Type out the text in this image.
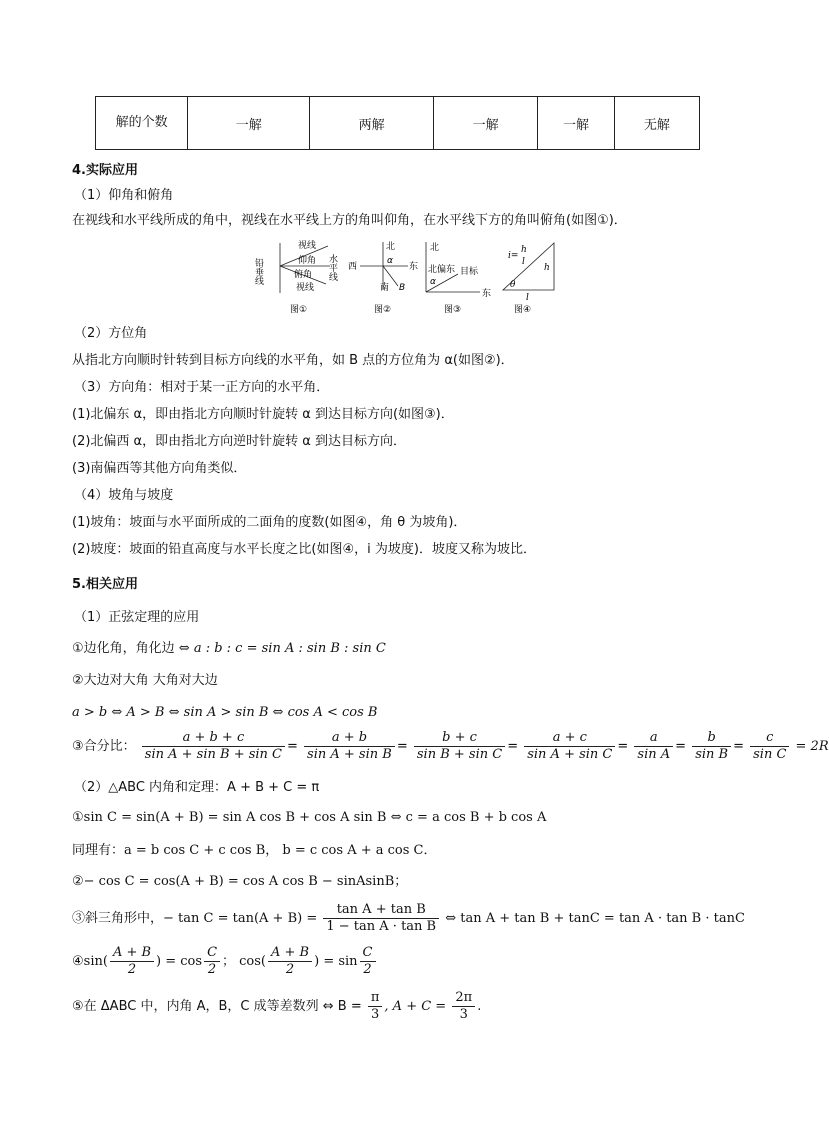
解的个数	一解	两解	一解	一解	无解
4.实际应用
（1）仰角和俯角
在视线和水平线所成的角中，视线在水平线上方的角叫仰角，在水平线下方的角叫俯角(如图①)．
铅垂线
视线
仰角
俯角
视线
水平线
图①
北
西	东
α
南 B
图②
北
北偏东 目标
α
东
图③
i=
h
l
h
l
θ
图④
（2）方位角
从指北方向顺时针转到目标方向线的水平角，如 B 点的方位角为 α(如图②)．
（3）方向角：相对于某一正方向的水平角．
(1)北偏东 α，即由指北方向顺时针旋转 α 到达目标方向(如图③)．
(2)北偏西 α，即由指北方向逆时针旋转 α 到达目标方向．
(3)南偏西等其他方向角类似．
（4）坡角与坡度
(1)坡角：坡面与水平面所成的二面角的度数(如图④，角 θ 为坡角)．
(2)坡度：坡面的铅直高度与水平长度之比(如图④，i 为坡度)．坡度又称为坡比．
5.相关应用
（1）正弦定理的应用
①边化角，角化边 ⇔ a : b : c = sin A : sin B : sin C
②大边对大角 大角对大边
a > b ⇔ A > B ⇔ sin A > sin B ⇔ cos A < cos B
③合分比： $\frac{a + b + c}{\text{sin A + sin B + sin C}} = \frac{a + b}{\text{sin A + sin B}} = \frac{b + c}{\text{sin B + sin C}} = \frac{a + c}{\text{sin A + sin C}} = \frac{a}{\text{sin A}} = \frac{b}{\text{sin B}} = \frac{c}{\text{sin C}} = 2R$
（2）△ABC 内角和定理：A + B + C = π
①sin C = sin(A + B) = sin A cos B + cos A sin B ⇔ c = a cos B + b cos A
同理有：a = b cos C + c cos B， b = c cos A + a cos C．
②− cos C = cos(A + B) = cos A cos B − sinAsinB；
③斜三角形中，− $\tan C = \tan(A + B) = \frac{\text{tan A + tan B}}{\text{1 − tan A · tan B}}$ ⇔ tan A + tan B + tanC = tan A · tan B · tanC
④sin( $\frac{A + B}{2}$ ) = $\cos \frac{C}{2}$ ； $\cos( \frac{A + B}{2}$ ) = $\sin \frac{C}{2}$
⑤在 ΔABC 中，内角 A，B，C 成等差数列 ⇔ $B = \frac{\pi}{3}$ , $A + C = \frac{2\pi}{3}$ .
